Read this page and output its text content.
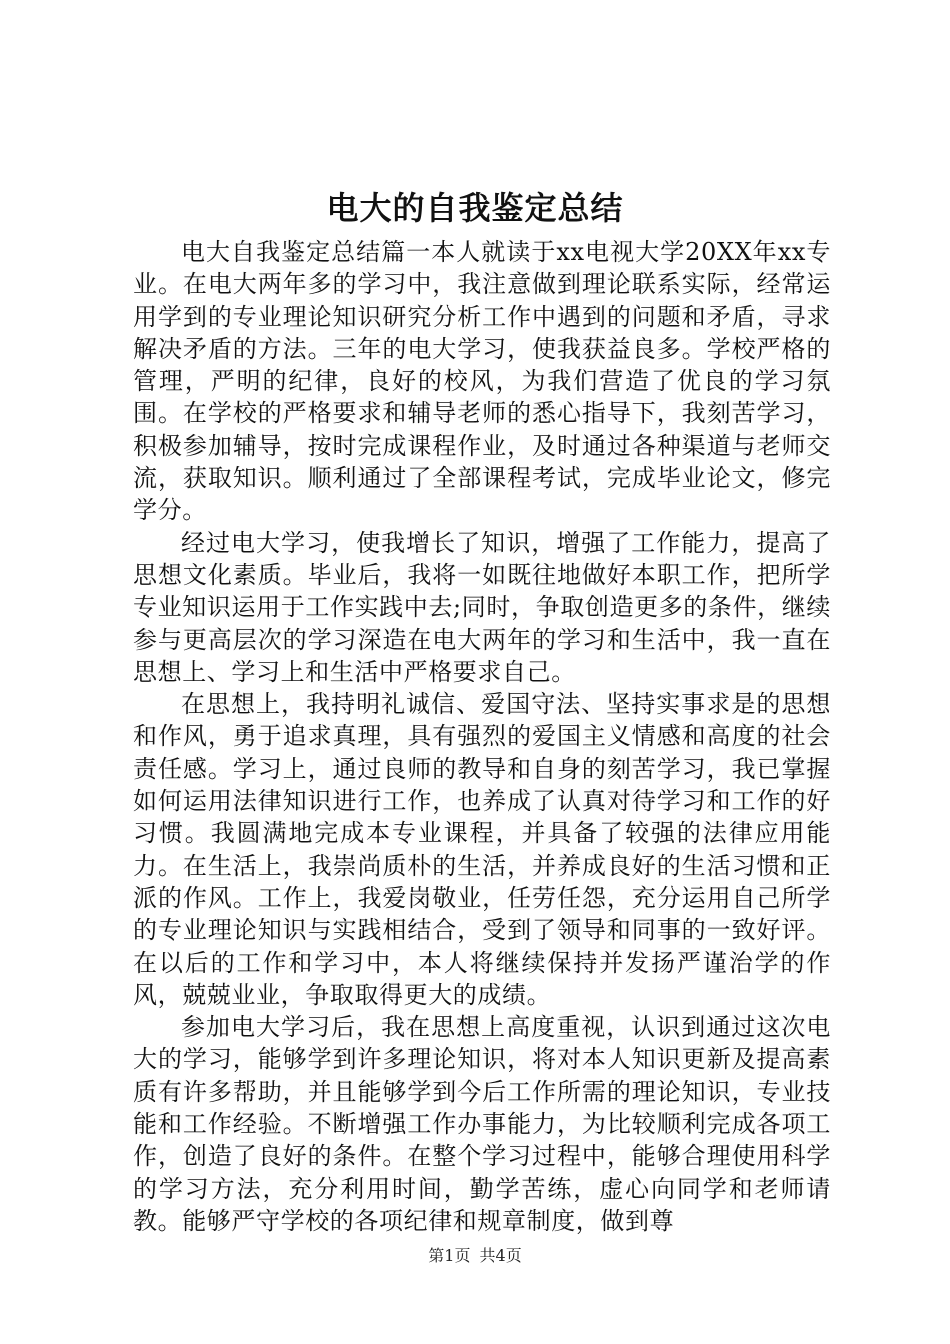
电大的自我鉴定总结

电大自我鉴定总结篇一本人就读于xx电视大学20XX年xx专业。在电大两年多的学习中，我注意做到理论联系实际，经常运用学到的专业理论知识研究分析工作中遇到的问题和矛盾，寻求解决矛盾的方法。三年的电大学习，使我获益良多。学校严格的管理，严明的纪律，良好的校风，为我们营造了优良的学习氛围。在学校的严格要求和辅导老师的悉心指导下，我刻苦学习，积极参加辅导，按时完成课程作业，及时通过各种渠道与老师交流，获取知识。顺利通过了全部课程考试，完成毕业论文，修完学分。

经过电大学习，使我增长了知识，增强了工作能力，提高了思想文化素质。毕业后，我将一如既往地做好本职工作，把所学专业知识运用于工作实践中去;同时，争取创造更多的条件，继续参与更高层次的学习深造在电大两年的学习和生活中，我一直在思想上、学习上和生活中严格要求自己。

在思想上，我持明礼诚信、爱国守法、坚持实事求是的思想和作风，勇于追求真理，具有强烈的爱国主义情感和高度的社会责任感。学习上，通过良师的教导和自身的刻苦学习，我已掌握如何运用法律知识进行工作，也养成了认真对待学习和工作的好习惯。我圆满地完成本专业课程，并具备了较强的法律应用能力。在生活上，我崇尚质朴的生活，并养成良好的生活习惯和正派的作风。工作上，我爱岗敬业，任劳任怨，充分运用自己所学的专业理论知识与实践相结合，受到了领导和同事的一致好评。在以后的工作和学习中，本人将继续保持并发扬严谨治学的作风，兢兢业业，争取取得更大的成绩。

参加电大学习后，我在思想上高度重视，认识到通过这次电大的学习，能够学到许多理论知识，将对本人知识更新及提高素质有许多帮助，并且能够学到今后工作所需的理论知识，专业技能和工作经验。不断增强工作办事能力，为比较顺利完成各项工作，创造了良好的条件。在整个学习过程中，能够合理使用科学的学习方法，充分利用时间，勤学苦练，虚心向同学和老师请教。能够严守学校的各项纪律和规章制度，做到尊

第1页 共4页
